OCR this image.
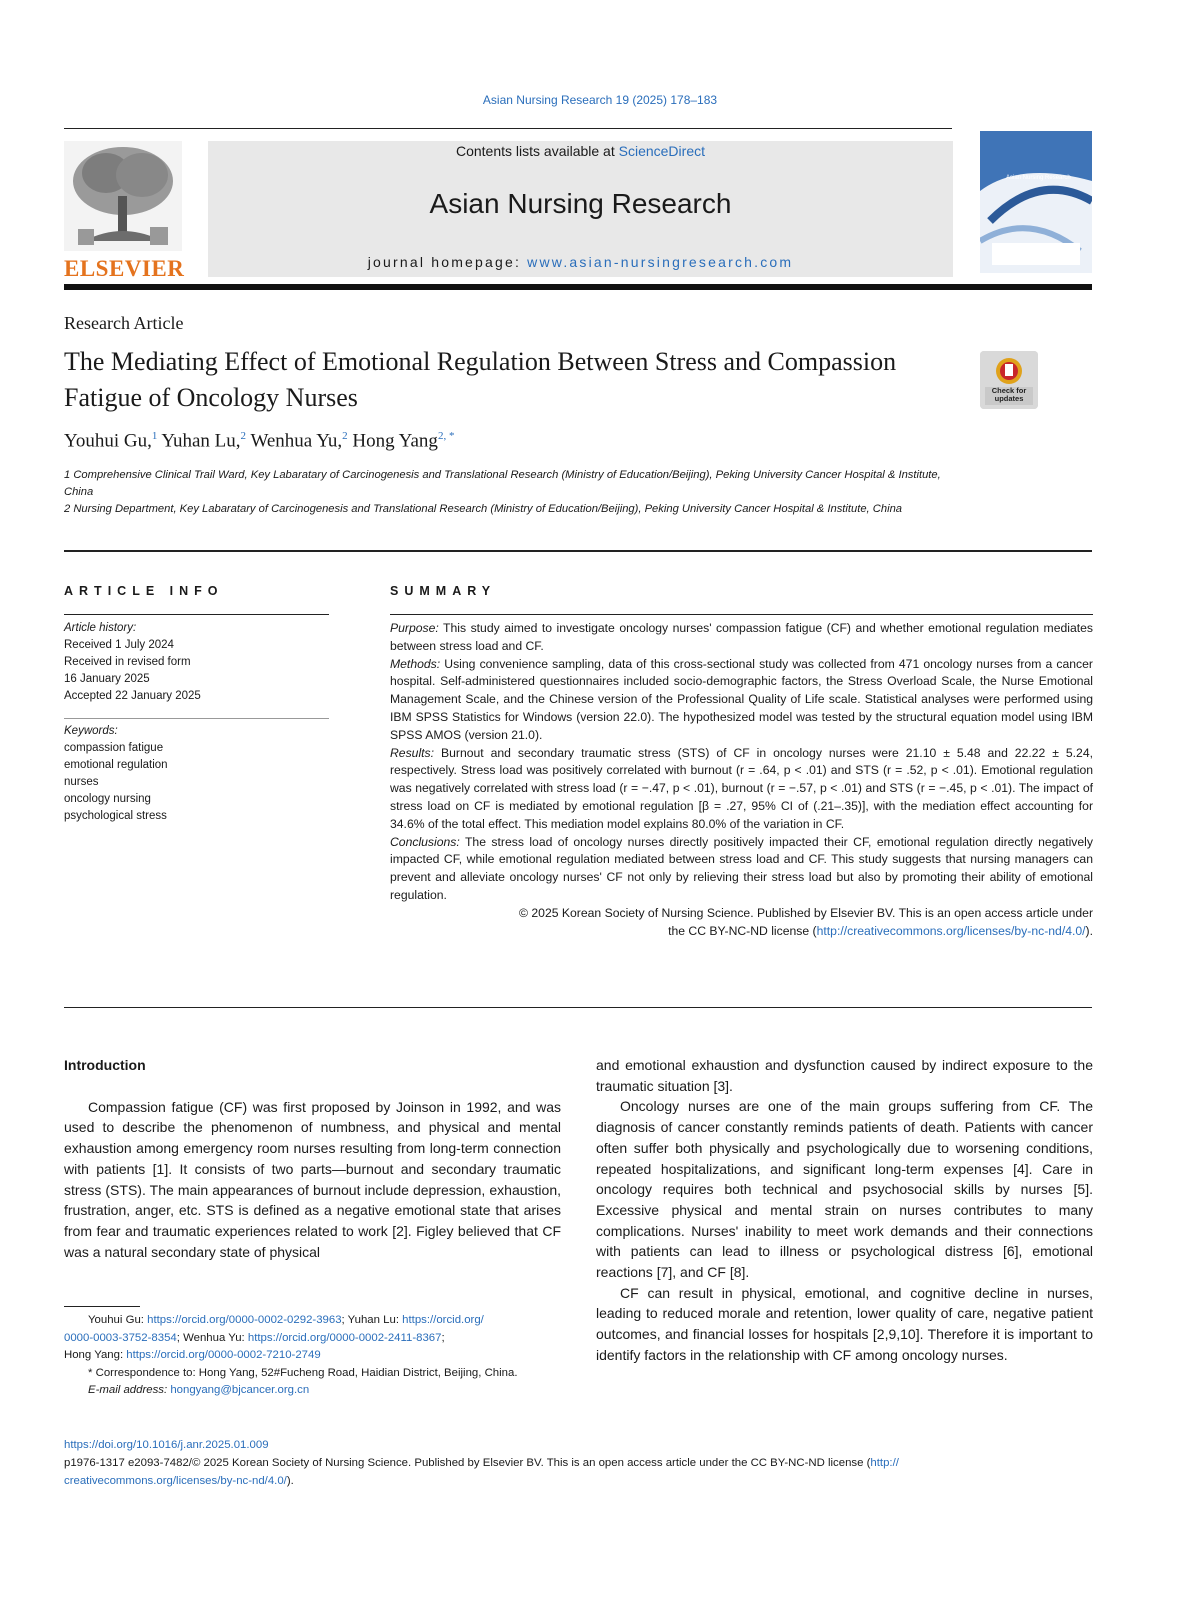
Asian Nursing Research 19 (2025) 178–183
ELSEVIER
Contents lists available at ScienceDirect
Asian Nursing Research
journal homepage: www.asian-nursingresearch.com
Asian Nursing Research
Research Article
The Mediating Effect of Emotional Regulation Between Stress and Compassion Fatigue of Oncology Nurses	Check for updates
Youhui Gu,$^1$ Yuhan Lu,$^2$ Wenhua Yu,$^2$ Hong Yang$^{2, *}$
1 Comprehensive Clinical Trail Ward, Key Labaratary of Carcinogenesis and Translational Research (Ministry of Education/Beijing), Peking University Cancer Hospital & Institute, China
2 Nursing Department, Key Labaratary of Carcinogenesis and Translational Research (Ministry of Education/Beijing), Peking University Cancer Hospital & Institute, China
ARTICLE INFO
Article history:
Received 1 July 2024
Received in revised form
16 January 2025
Accepted 22 January 2025
Keywords:
compassion fatigue
emotional regulation
nurses
oncology nursing
psychological stress
SUMMARY
Purpose: This study aimed to investigate oncology nurses' compassion fatigue (CF) and whether emotional regulation mediates between stress load and CF.
Methods: Using convenience sampling, data of this cross-sectional study was collected from 471 oncology nurses from a cancer hospital. Self-administered questionnaires included socio-demographic factors, the Stress Overload Scale, the Nurse Emotional Management Scale, and the Chinese version of the Professional Quality of Life scale. Statistical analyses were performed using IBM SPSS Statistics for Windows (version 22.0). The hypothesized model was tested by the structural equation model using IBM SPSS AMOS (version 21.0).
Results: Burnout and secondary traumatic stress (STS) of CF in oncology nurses were 21.10 ± 5.48 and 22.22 ± 5.24, respectively. Stress load was positively correlated with burnout (r = .64, p < .01) and STS (r = .52, p < .01). Emotional regulation was negatively correlated with stress load (r = −.47, p < .01), burnout (r = −.57, p < .01) and STS (r = −.45, p < .01). The impact of stress load on CF is mediated by emotional regulation [β = .27, 95% CI of (.21–.35)], with the mediation effect accounting for 34.6% of the total effect. This mediation model explains 80.0% of the variation in CF.
Conclusions: The stress load of oncology nurses directly positively impacted their CF, emotional regulation directly negatively impacted CF, while emotional regulation mediated between stress load and CF. This study suggests that nursing managers can prevent and alleviate oncology nurses' CF not only by relieving their stress load but also by promoting their ability of emotional regulation.
© 2025 Korean Society of Nursing Science. Published by Elsevier BV. This is an open access article under
the CC BY-NC-ND license (http://creativecommons.org/licenses/by-nc-nd/4.0/).

Introduction

Compassion fatigue (CF) was first proposed by Joinson in 1992, and was used to describe the phenomenon of numbness, and physical and mental exhaustion among emergency room nurses resulting from long-term connection with patients [1]. It consists of two parts—burnout and secondary traumatic stress (STS). The main appearances of burnout include depression, exhaustion, frustration, anger, etc. STS is defined as a negative emotional state that arises from fear and traumatic experiences related to work [2]. Figley believed that CF was a natural secondary state of physical

and emotional exhaustion and dysfunction caused by indirect exposure to the traumatic situation [3].

Oncology nurses are one of the main groups suffering from CF. The diagnosis of cancer constantly reminds patients of death. Patients with cancer often suffer both physically and psychologically due to worsening conditions, repeated hospitalizations, and significant long-term expenses [4]. Care in oncology requires both technical and psychosocial skills by nurses [5]. Excessive physical and mental strain on nurses contributes to many complications. Nurses' inability to meet work demands and their connections with patients can lead to illness or psychological distress [6], emotional reactions [7], and CF [8].

CF can result in physical, emotional, and cognitive decline in nurses, leading to reduced morale and retention, lower quality of care, negative patient outcomes, and financial losses for hospitals [2,9,10]. Therefore it is important to identify factors in the relationship with CF among oncology nurses.

Youhui Gu: https://orcid.org/0000-0002-0292-3963; Yuhan Lu: https://orcid.org/
0000-0003-3752-8354; Wenhua Yu: https://orcid.org/0000-0002-2411-8367;
Hong Yang: https://orcid.org/0000-0002-7210-2749
* Correspondence to: Hong Yang, 52#Fucheng Road, Haidian District, Beijing, China.
E-mail address: hongyang@bjcancer.org.cn
https://doi.org/10.1016/j.anr.2025.01.009
p1976-1317 e2093-7482/© 2025 Korean Society of Nursing Science. Published by Elsevier BV. This is an open access article under the CC BY-NC-ND license (http://
creativecommons.org/licenses/by-nc-nd/4.0/).
